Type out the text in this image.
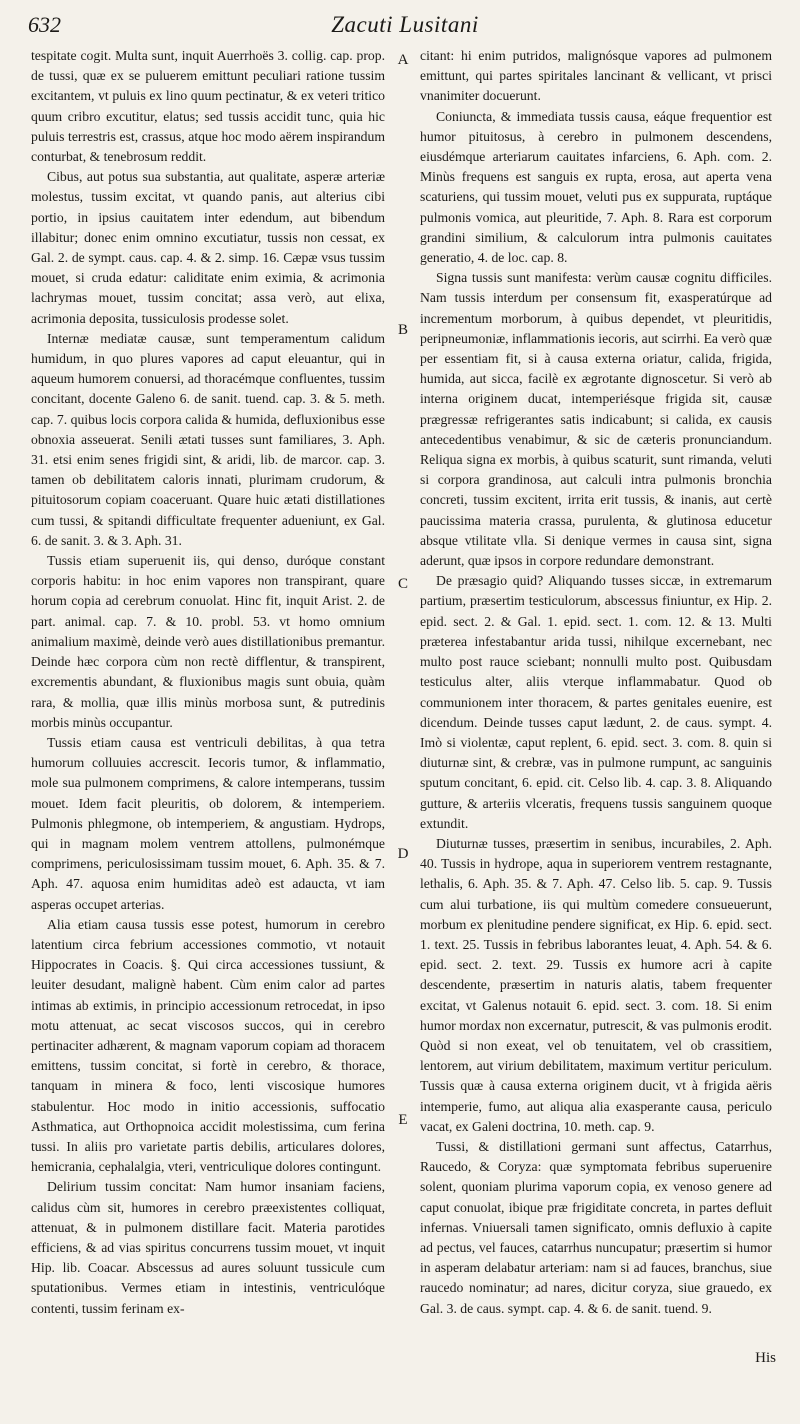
632	Zacuti Lusitani

tespitate cogit. Multa sunt, inquit Auerrhoës 3. collig. cap. prop. de tussi, quæ ex se puluerem emittunt peculiari ratione tussim excitantem, vt puluis ex lino quum pectinatur, & ex veteri tritico quum cribro excutitur, elatus; sed tussis accidit tunc, quia hic puluis terrestris est, crassus, atque hoc modo aërem inspirandum conturbat, & tenebrosum reddit.

Cibus, aut potus sua substantia, aut qualitate, asperæ arteriæ molestus, tussim excitat, vt quando panis, aut alterius cibi portio, in ipsius cauitatem inter edendum, aut bibendum illabitur; donec enim omnino excutiatur, tussis non cessat, ex Gal. 2. de sympt. caus. cap. 4. & 2. simp. 16. Cæpæ vsus tussim mouet, si cruda edatur: caliditate enim eximia, & acrimonia lachrymas mouet, tussim concitat; assa verò, aut elixa, acrimonia deposita, tussiculosis prodesse solet.

Internæ mediatæ causæ, sunt temperamentum calidum humidum, in quo plures vapores ad caput eleuantur, qui in aqueum humorem conuersi, ad thoracémque confluentes, tussim concitant, docente Galeno 6. de sanit. tuend. cap. 3. & 5. meth. cap. 7. quibus locis corpora calida & humida, defluxionibus esse obnoxia asseuerat. Senili ætati tusses sunt familiares, 3. Aph. 31. etsi enim senes frigidi sint, & aridi, lib. de marcor. cap. 3. tamen ob debilitatem caloris innati, plurimam crudorum, & pituitosorum copiam coaceruant. Quare huic ætati distillationes cum tussi, & spitandi difficultate frequenter adueniunt, ex Gal. 6. de sanit. 3. & 3. Aph. 31.

Tussis etiam superuenit iis, qui denso, duróque constant corporis habitu: in hoc enim vapores non transpirant, quare horum copia ad cerebrum conuolat. Hinc fit, inquit Arist. 2. de part. animal. cap. 7. & 10. probl. 53. vt homo omnium animalium maximè, deinde verò aues distillationibus premantur. Deinde hæc corpora cùm non rectè difflentur, & transpirent, excrementis abundant, & fluxionibus magis sunt obuia, quàm rara, & mollia, quæ illis minùs morbosa sunt, & putredinis morbis minùs occupantur.

Tussis etiam causa est ventriculi debilitas, à qua tetra humorum colluuies accrescit. Iecoris tumor, & inflammatio, mole sua pulmonem comprimens, & calore intemperans, tussim mouet. Idem facit pleuritis, ob dolorem, & intemperiem. Pulmonis phlegmone, ob intemperiem, & angustiam. Hydrops, qui in magnam molem ventrem attollens, pulmonémque comprimens, periculosissimam tussim mouet, 6. Aph. 35. & 7. Aph. 47. aquosa enim humiditas adeò est adaucta, vt iam asperas occupet arterias.

Alia etiam causa tussis esse potest, humorum in cerebro latentium circa febrium accessiones commotio, vt notauit Hippocrates in Coacis. §. Qui circa accessiones tussiunt, & leuiter desudant, malignè habent. Cùm enim calor ad partes intimas ab extimis, in principio accessionum retrocedat, in ipso motu attenuat, ac secat viscosos succos, qui in cerebro pertinaciter adhærent, & magnam vaporum copiam ad thoracem emittens, tussim concitat, si fortè in cerebro, & thorace, tanquam in minera & foco, lenti viscosique humores stabulentur. Hoc modo in initio accessionis, suffocatio Asthmatica, aut Orthopnoica accidit molestissima, cum ferina tussi. In aliis pro varietate partis debilis, articulares dolores, hemicrania, cephalalgia, vteri, ventriculique dolores contingunt.

Delirium tussim concitat: Nam humor insaniam faciens, calidus cùm sit, humores in cerebro præexistentes colliquat, attenuat, & in pulmonem distillare facit. Materia parotides efficiens, & ad vias spiritus concurrens tussim mouet, vt inquit Hip. lib. Coacar. Abscessus ad aures soluunt tussicule cum sputationibus. Vermes etiam in intestinis, ventriculóque contenti, tussim ferinam ex-

A
B
C
D
E

citant: hi enim putridos, malignósque vapores ad pulmonem emittunt, qui partes spiritales lancinant & vellicant, vt prisci vnanimiter docuerunt.

Coniuncta, & immediata tussis causa, eáque frequentior est humor pituitosus, à cerebro in pulmonem descendens, eiusdémque arteriarum cauitates infarciens, 6. Aph. com. 2. Minùs frequens est sanguis ex rupta, erosa, aut aperta vena scaturiens, qui tussim mouet, veluti pus ex suppurata, ruptáque pulmonis vomica, aut pleuritide, 7. Aph. 8. Rara est corporum grandini similium, & calculorum intra pulmonis cauitates generatio, 4. de loc. cap. 8.

Signa tussis sunt manifesta: verùm causæ cognitu difficiles. Nam tussis interdum per consensum fit, exasperatúrque ad incrementum morborum, à quibus dependet, vt pleuritidis, peripneumoniæ, inflammationis iecoris, aut scirrhi. Ea verò quæ per essentiam fit, si à causa externa oriatur, calida, frigida, humida, aut sicca, facilè ex ægrotante dignoscetur. Si verò ab interna originem ducat, intemperiésque frigida sit, causæ prægressæ refrigerantes satis indicabunt; si calida, ex causis antecedentibus venabimur, & sic de cæteris pronunciandum. Reliqua signa ex morbis, à quibus scaturit, sunt rimanda, veluti si corpora grandinosa, aut calculi intra pulmonis bronchia concreti, tussim excitent, irrita erit tussis, & inanis, aut certè paucissima materia crassa, purulenta, & glutinosa educetur absque vtilitate vlla. Si denique vermes in causa sint, signa aderunt, quæ ipsos in corpore redundare demonstrant.

De præsagio quid? Aliquando tusses siccæ, in extremarum partium, præsertim testiculorum, abscessus finiuntur, ex Hip. 2. epid. sect. 2. & Gal. 1. epid. sect. 1. com. 12. & 13. Multi præterea infestabantur arida tussi, nihilque excernebant, nec multo post rauce sciebant; nonnulli multo post. Quibusdam testiculus alter, aliis vterque inflammabatur. Quod ob communionem inter thoracem, & partes genitales euenire, est dicendum. Deinde tusses caput lædunt, 2. de caus. sympt. 4. Imò si violentæ, caput replent, 6. epid. sect. 3. com. 8. quin si diuturnæ sint, & crebræ, vas in pulmone rumpunt, ac sanguinis sputum concitant, 6. epid. cit. Celso lib. 4. cap. 3. 8. Aliquando gutture, & arteriis vlceratis, frequens tussis sanguinem quoque extundit.

Diuturnæ tusses, præsertim in senibus, incurabiles, 2. Aph. 40. Tussis in hydrope, aqua in superiorem ventrem restagnante, lethalis, 6. Aph. 35. & 7. Aph. 47. Celso lib. 5. cap. 9. Tussis cum alui turbatione, iis qui multùm comedere consueuerunt, morbum ex plenitudine pendere significat, ex Hip. 6. epid. sect. 1. text. 25. Tussis in febribus laborantes leuat, 4. Aph. 54. & 6. epid. sect. 2. text. 29. Tussis ex humore acri à capite descendente, præsertim in naturis alatis, tabem frequenter excitat, vt Galenus notauit 6. epid. sect. 3. com. 18. Si enim humor mordax non excernatur, putrescit, & vas pulmonis erodit. Quòd si non exeat, vel ob tenuitatem, vel ob crassitiem, lentorem, aut virium debilitatem, maximum vertitur periculum. Tussis quæ à causa externa originem ducit, vt à frigida aëris intemperie, fumo, aut aliqua alia exasperante causa, periculo vacat, ex Galeni doctrina, 10. meth. cap. 9.

Tussi, & distillationi germani sunt affectus, Catarrhus, Raucedo, & Coryza: quæ symptomata febribus superuenire solent, quoniam plurima vaporum copia, ex venoso genere ad caput conuolat, ibique præ frigiditate concreta, in partes defluit infernas. Vniuersali tamen significato, omnis defluxio à capite ad pectus, vel fauces, catarrhus nuncupatur; præsertim si humor in asperam delabatur arteriam: nam si ad fauces, branchus, siue raucedo nominatur; ad nares, dicitur coryza, siue grauedo, ex Gal. 3. de caus. sympt. cap. 4. & 6. de sanit. tuend. 9.

His
